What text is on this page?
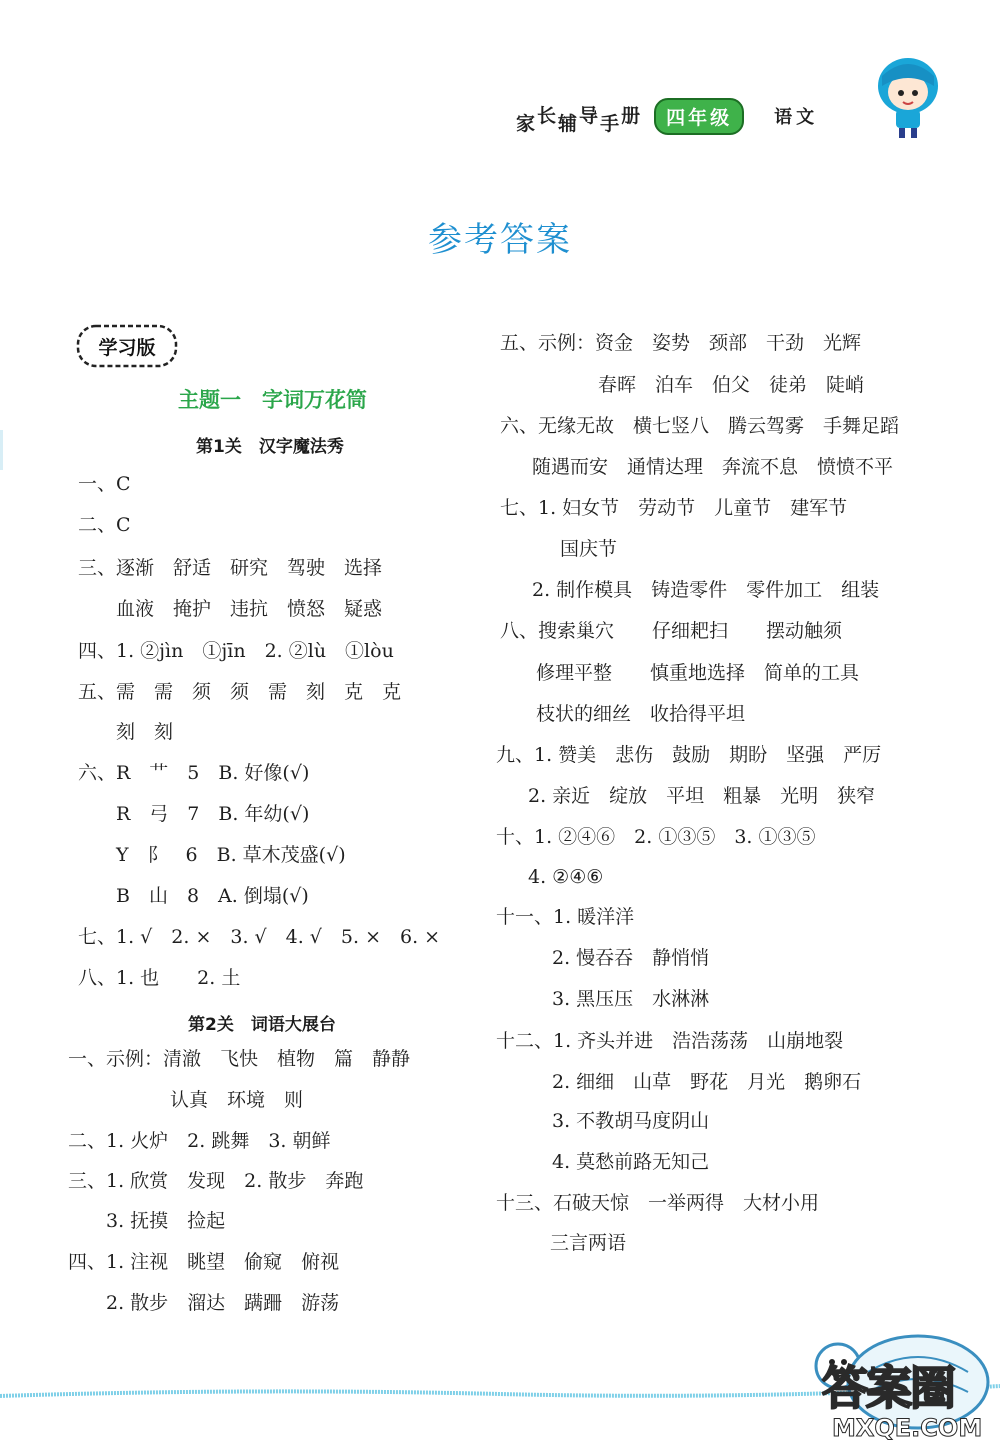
家 长 辅 导 手 册	四年级	语文
参考答案
学习版
主题一　字词万花筒
第1关　汉字魔法秀
第2关　词语大展台
一、C
二、C
三、逐渐　舒适　研究　驾驶　选择
血液　掩护　违抗　愤怒　疑惑
四、1. ②jìn　①jīn　2. ②lù　①lòu
五、需　需　须　须　需　刻　克　克
刻　刻
六、R　艹　5　B. 好像(√)
R　弓　7　B. 年幼(√)
Y　阝　6　B. 草木茂盛(√)
B　山　8　A. 倒塌(√)
七、1. √　2. ×　3. √　4. √　5. ×　6. ×
八、1. 也　　2. 土
一、示例：清澈　飞快　植物　篇　静静
认真　环境　则
二、1. 火炉　2. 跳舞　3. 朝鲜
三、1. 欣赏　发现　2. 散步　奔跑
3. 抚摸　捡起
四、1. 注视　眺望　偷窥　俯视
2. 散步　溜达　蹒跚　游荡
五、示例：资金　姿势　颈部　干劲　光辉
春晖　泊车　伯父　徒弟　陡峭
六、无缘无故　横七竖八　腾云驾雾　手舞足蹈
随遇而安　通情达理　奔流不息　愤愤不平
七、1. 妇女节　劳动节　儿童节　建军节
国庆节
2. 制作模具　铸造零件　零件加工　组装
八、搜索巢穴　　仔细耙扫　　摆动触须
修理平整　　慎重地选择　简单的工具
枝状的细丝　收拾得平坦
九、1. 赞美　悲伤　鼓励　期盼　坚强　严厉
2. 亲近　绽放　平坦　粗暴　光明　狭窄
十、1. ②④⑥　2. ①③⑤　3. ①③⑤
4. ②④⑥
十一、1. 暖洋洋
2. 慢吞吞　静悄悄
3. 黑压压　水淋淋
十二、1. 齐头并进　浩浩荡荡　山崩地裂
2. 细细　山草　野花　月光　鹅卵石
3. 不教胡马度阴山
4. 莫愁前路无知己
十三、石破天惊　一举两得　大材小用
三言两语
答案圈
MXQE.COM
